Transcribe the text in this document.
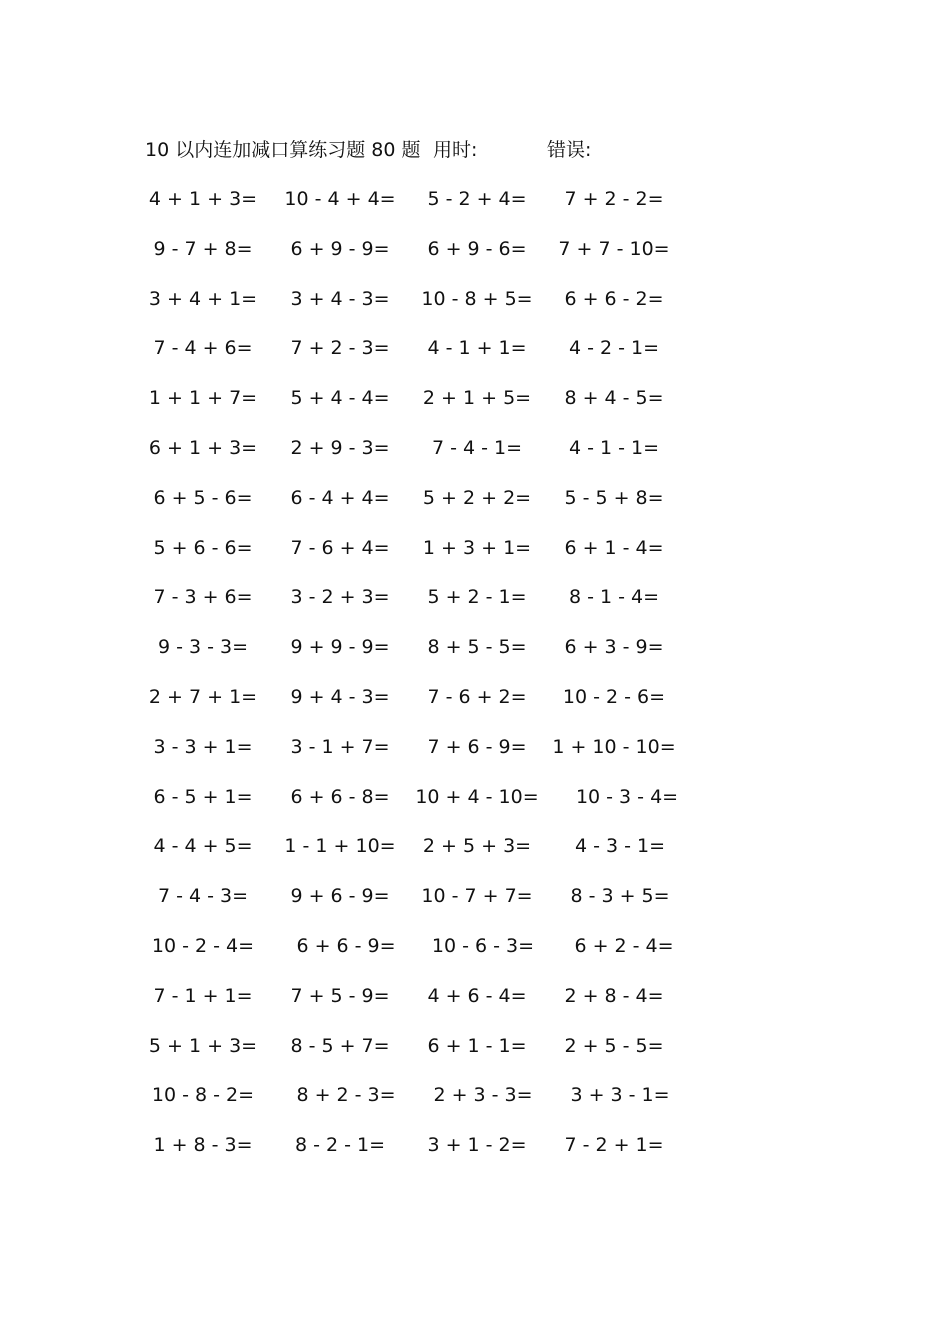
10 以内连加减口算练习题 80 题 用时:	错误:
4 + 1 + 3=	10 - 4 + 4=	5 - 2 + 4=	7 + 2 - 2=
9 - 7 + 8=	6 + 9 - 9=	6 + 9 - 6=	7 + 7 - 10=
3 + 4 + 1=	3 + 4 - 3=	10 - 8 + 5=	6 + 6 - 2=
7 - 4 + 6=	7 + 2 - 3=	4 - 1 + 1=	4 - 2 - 1=
1 + 1 + 7=	5 + 4 - 4=	2 + 1 + 5=	8 + 4 - 5=
6 + 1 + 3=	2 + 9 - 3=	7 - 4 - 1=	4 - 1 - 1=
6 + 5 - 6=	6 - 4 + 4=	5 + 2 + 2=	5 - 5 + 8=
5 + 6 - 6=	7 - 6 + 4=	1 + 3 + 1=	6 + 1 - 4=
7 - 3 + 6=	3 - 2 + 3=	5 + 2 - 1=	8 - 1 - 4=
9 - 3 - 3=	9 + 9 - 9=	8 + 5 - 5=	6 + 3 - 9=
2 + 7 + 1=	9 + 4 - 3=	7 - 6 + 2=	10 - 2 - 6=
3 - 3 + 1=	3 - 1 + 7=	7 + 6 - 9=	1 + 10 - 10=
6 - 5 + 1=	6 + 6 - 8=	10 + 4 - 10=	10 - 3 - 4=
4 - 4 + 5=	1 - 1 + 10=	2 + 5 + 3=	4 - 3 - 1=
7 - 4 - 3=	9 + 6 - 9=	10 - 7 + 7=	8 - 3 + 5=
10 - 2 - 4=	6 + 6 - 9=	10 - 6 - 3=	6 + 2 - 4=
7 - 1 + 1=	7 + 5 - 9=	4 + 6 - 4=	2 + 8 - 4=
5 + 1 + 3=	8 - 5 + 7=	6 + 1 - 1=	2 + 5 - 5=
10 - 8 - 2=	8 + 2 - 3=	2 + 3 - 3=	3 + 3 - 1=
1 + 8 - 3=	8 - 2 - 1=	3 + 1 - 2=	7 - 2 + 1=
